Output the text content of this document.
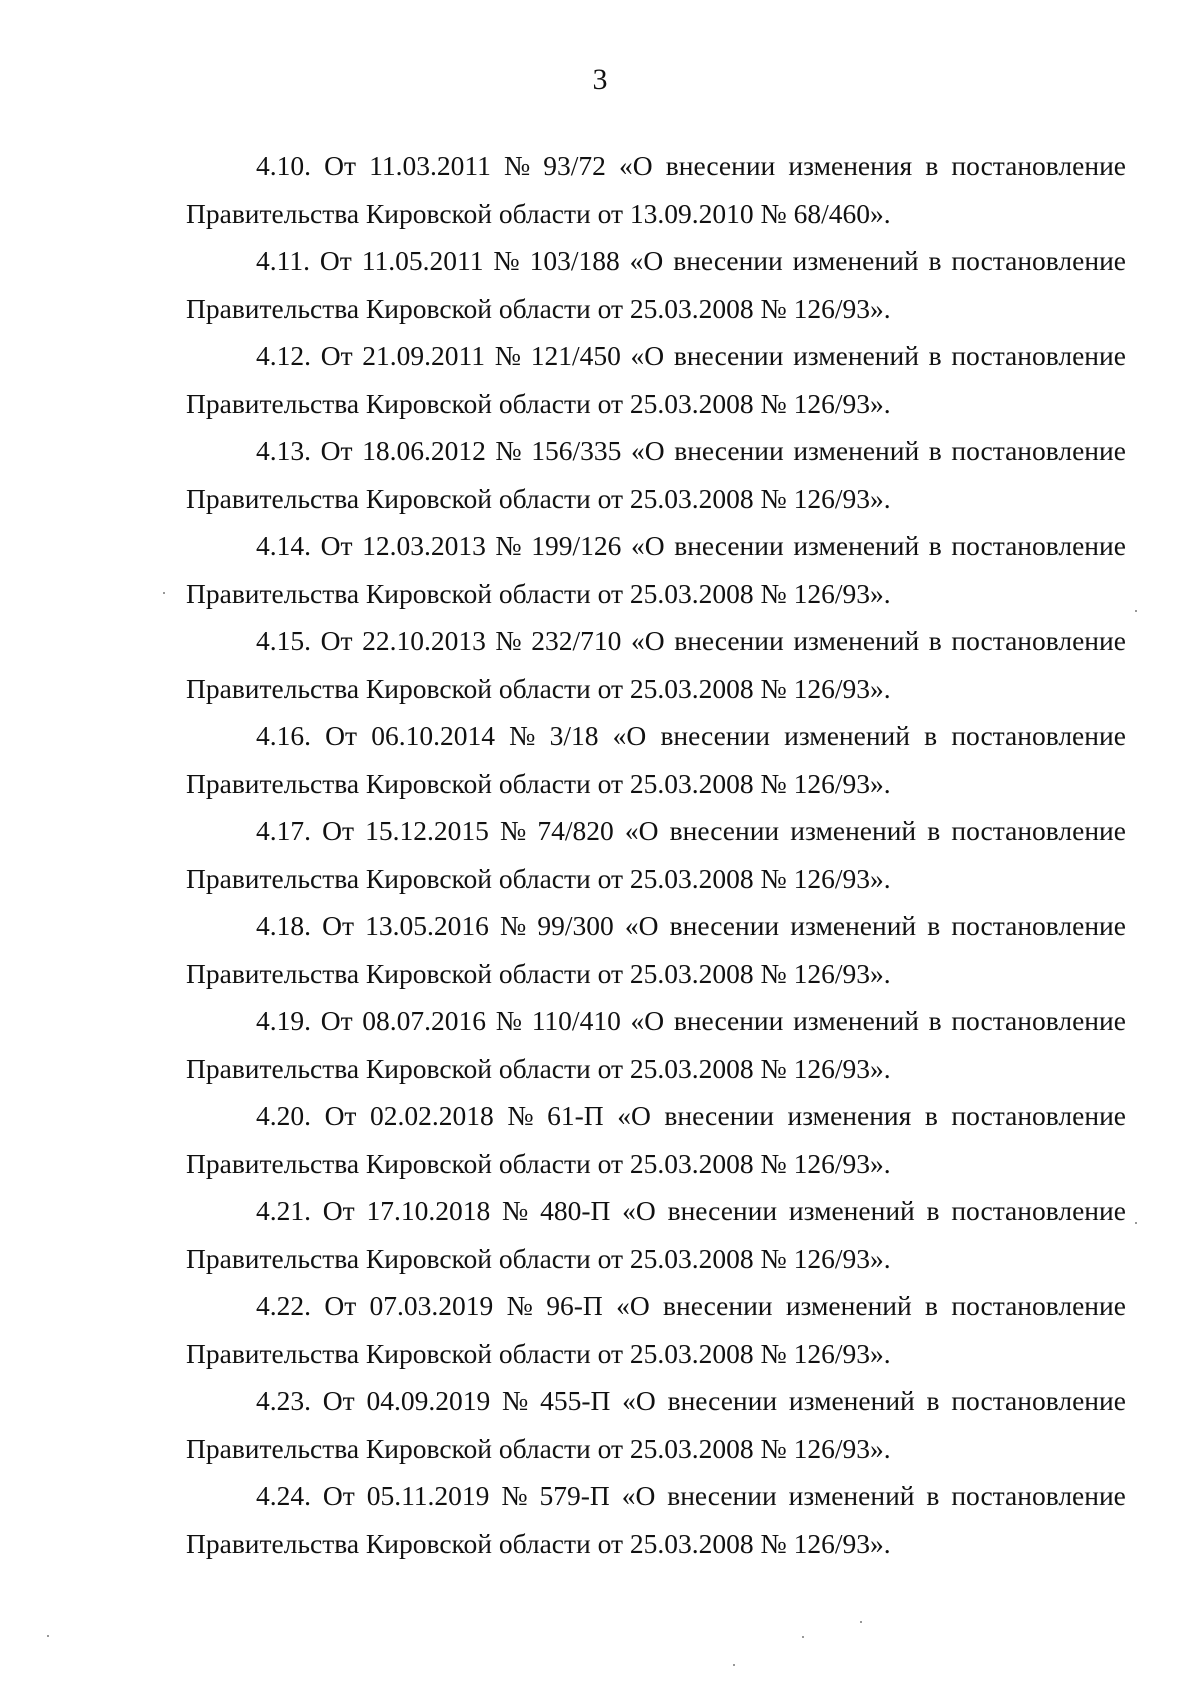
3
4.10. От 11.03.2011 № 93/72 «О внесении изменения в постановление
Правительства Кировской области от 13.09.2010 № 68/460».
4.11. От 11.05.2011 № 103/188 «О внесении изменений в постановление
Правительства Кировской области от 25.03.2008 № 126/93».
4.12. От 21.09.2011 № 121/450 «О внесении изменений в постановление
Правительства Кировской области от 25.03.2008 № 126/93».
4.13. От 18.06.2012 № 156/335 «О внесении изменений в постановление
Правительства Кировской области от 25.03.2008 № 126/93».
4.14. От 12.03.2013 № 199/126 «О внесении изменений в постановление
Правительства Кировской области от 25.03.2008 № 126/93».
4.15. От 22.10.2013 № 232/710 «О внесении изменений в постановление
Правительства Кировской области от 25.03.2008 № 126/93».
4.16. От 06.10.2014 № 3/18 «О внесении изменений в постановление
Правительства Кировской области от 25.03.2008 № 126/93».
4.17. От 15.12.2015 № 74/820 «О внесении изменений в постановление
Правительства Кировской области от 25.03.2008 № 126/93».
4.18. От 13.05.2016 № 99/300 «О внесении изменений в постановление
Правительства Кировской области от 25.03.2008 № 126/93».
4.19. От 08.07.2016 № 110/410 «О внесении изменений в постановление
Правительства Кировской области от 25.03.2008 № 126/93».
4.20. От 02.02.2018 № 61-П «О внесении изменения в постановление
Правительства Кировской области от 25.03.2008 № 126/93».
4.21. От 17.10.2018 № 480-П «О внесении изменений в постановление
Правительства Кировской области от 25.03.2008 № 126/93».
4.22. От 07.03.2019 № 96-П «О внесении изменений в постановление
Правительства Кировской области от 25.03.2008 № 126/93».
4.23. От 04.09.2019 № 455-П «О внесении изменений в постановление
Правительства Кировской области от 25.03.2008 № 126/93».
4.24. От 05.11.2019 № 579-П «О внесении изменений в постановление
Правительства Кировской области от 25.03.2008 № 126/93».
